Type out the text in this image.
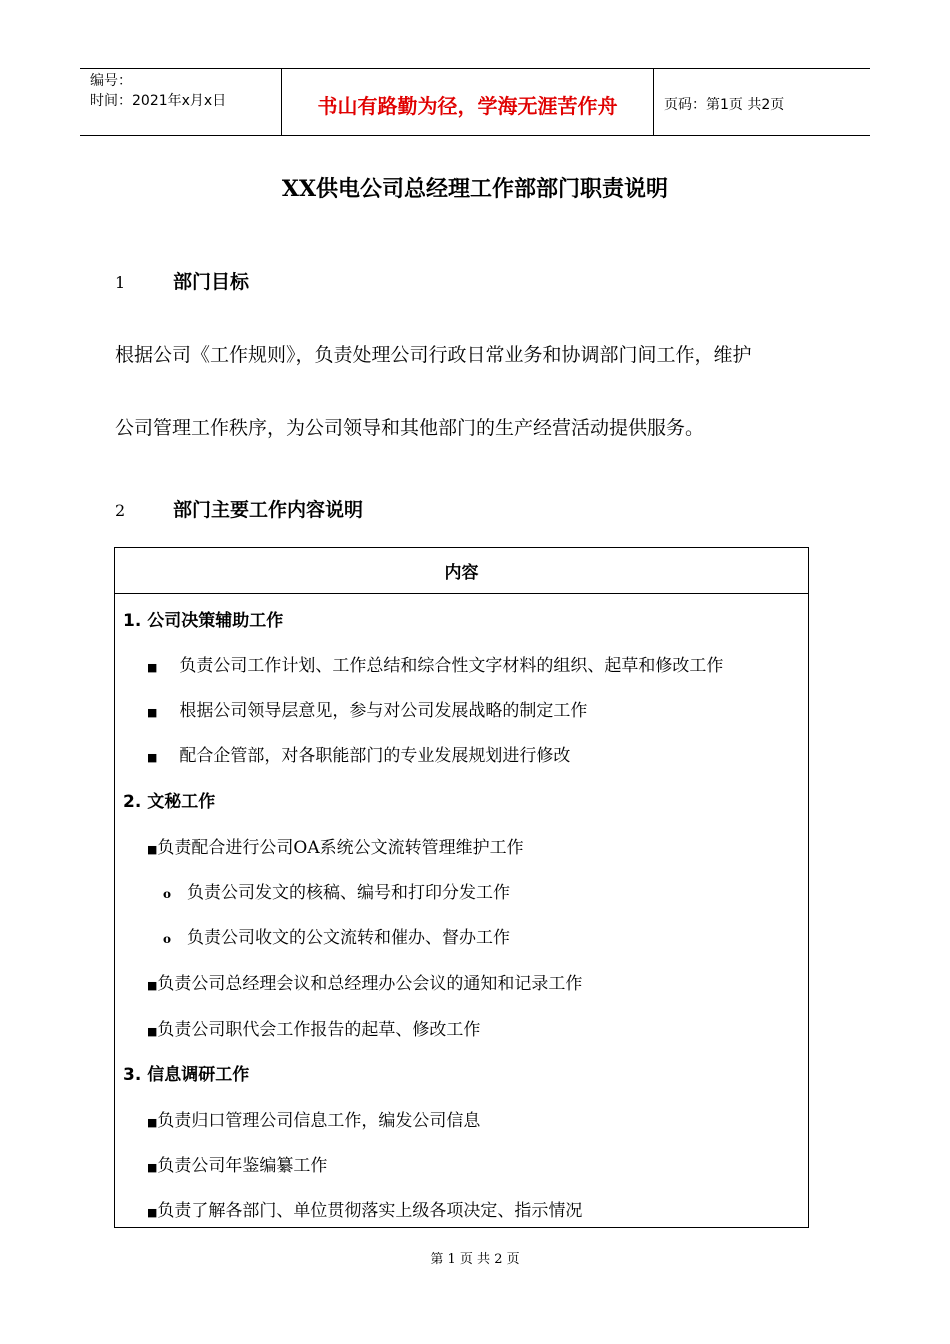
编号：
时间：2021年x月x日	书山有路勤为径，学海无涯苦作舟	页码：第1页 共2页
XX供电公司总经理工作部部门职责说明
1	部门目标
根据公司《工作规则》，负责处理公司行政日常业务和协调部门间工作，维护
公司管理工作秩序，为公司领导和其他部门的生产经营活动提供服务。
2	部门主要工作内容说明
内容
1. 公司决策辅助工作
■ 负责公司工作计划、工作总结和综合性文字材料的组织、起草和修改工作
■ 根据公司领导层意见，参与对公司发展战略的制定工作
■ 配合企管部，对各职能部门的专业发展规划进行修改
2. 文秘工作
■负责配合进行公司OA系统公文流转管理维护工作
o 负责公司发文的核稿、编号和打印分发工作
o 负责公司收文的公文流转和催办、督办工作
■负责公司总经理会议和总经理办公会议的通知和记录工作
■负责公司职代会工作报告的起草、修改工作
3. 信息调研工作
■负责归口管理公司信息工作，编发公司信息
■负责公司年鉴编纂工作
■负责了解各部门、单位贯彻落实上级各项决定、指示情况
第 1 页 共 2 页
